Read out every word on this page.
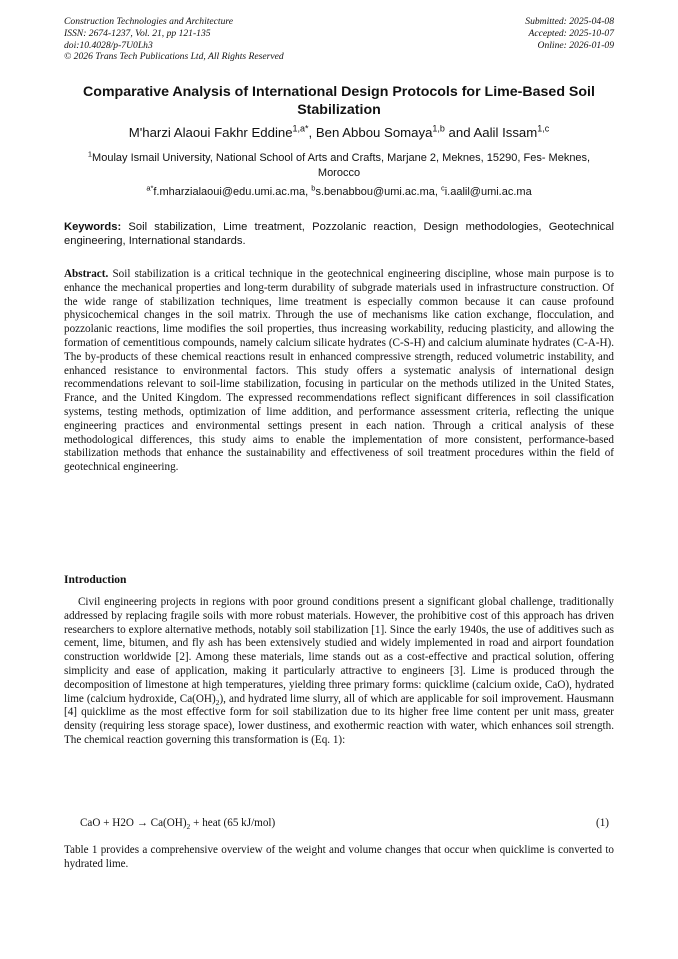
Construction Technologies and Architecture
ISSN: 2674-1237, Vol. 21, pp 121-135
doi:10.4028/p-7U0Lh3
© 2026 Trans Tech Publications Ltd, All Rights Reserved
Submitted: 2025-04-08
Accepted: 2025-10-07
Online: 2026-01-09
Comparative Analysis of International Design Protocols for Lime-Based Soil Stabilization
M'harzi Alaoui Fakhr Eddine$^{1,a*}$, Ben Abbou Somaya$^{1,b}$ and Aalil Issam$^{1,c}$
$^1$Moulay Ismail University, National School of Arts and Crafts, Marjane 2, Meknes, 15290, Fes- Meknes, Morocco
$^{a*}$f.mharzialaoui@edu.umi.ac.ma, $^b$s.benabbou@umi.ac.ma, $^c$i.aalil@umi.ac.ma
Keywords: Soil stabilization, Lime treatment, Pozzolanic reaction, Design methodologies, Geotechnical engineering, International standards.
Abstract. Soil stabilization is a critical technique in the geotechnical engineering discipline, whose main purpose is to enhance the mechanical properties and long-term durability of subgrade materials used in infrastructure construction. Of the wide range of stabilization techniques, lime treatment is especially common because it can cause profound physicochemical changes in the soil matrix. Through the use of mechanisms like cation exchange, flocculation, and pozzolanic reactions, lime modifies the soil properties, thus increasing workability, reducing plasticity, and allowing the formation of cementitious compounds, namely calcium silicate hydrates (C-S-H) and calcium aluminate hydrates (C-A-H). The by-products of these chemical reactions result in enhanced compressive strength, reduced volumetric instability, and enhanced resistance to environmental factors. This study offers a systematic analysis of international design recommendations relevant to soil-lime stabilization, focusing in particular on the methods utilized in the United States, France, and the United Kingdom. The expressed recommendations reflect significant differences in soil classification systems, testing methods, optimization of lime addition, and performance assessment criteria, reflecting the unique engineering practices and environmental settings present in each nation. Through a critical analysis of these methodological differences, this study aims to enable the implementation of more consistent, performance-based stabilization methods that enhance the sustainability and effectiveness of soil treatment procedures within the field of geotechnical engineering.
Introduction
Civil engineering projects in regions with poor ground conditions present a significant global challenge, traditionally addressed by replacing fragile soils with more robust materials. However, the prohibitive cost of this approach has driven researchers to explore alternative methods, notably soil stabilization [1]. Since the early 1940s, the use of additives such as cement, lime, bitumen, and fly ash has been extensively studied and widely implemented in road and airport foundation construction worldwide [2]. Among these materials, lime stands out as a cost-effective and practical solution, offering simplicity and ease of application, making it particularly attractive to engineers [3]. Lime is produced through the decomposition of limestone at high temperatures, yielding three primary forms: quicklime (calcium oxide, CaO), hydrated lime (calcium hydroxide, $Ca(OH)_2$), and hydrated lime slurry, all of which are applicable for soil improvement. Hausmann [4] quicklime as the most effective form for soil stabilization due to its higher free lime content per unit mass, greater density (requiring less storage space), lower dustiness, and exothermic reaction with water, which enhances soil strength. The chemical reaction governing this transformation is (Eq. 1):
CaO + $H2O \to Ca(OH)_2$ + heat (65 kJ/mol)	(1)
Table 1 provides a comprehensive overview of the weight and volume changes that occur when quicklime is converted to hydrated lime.
